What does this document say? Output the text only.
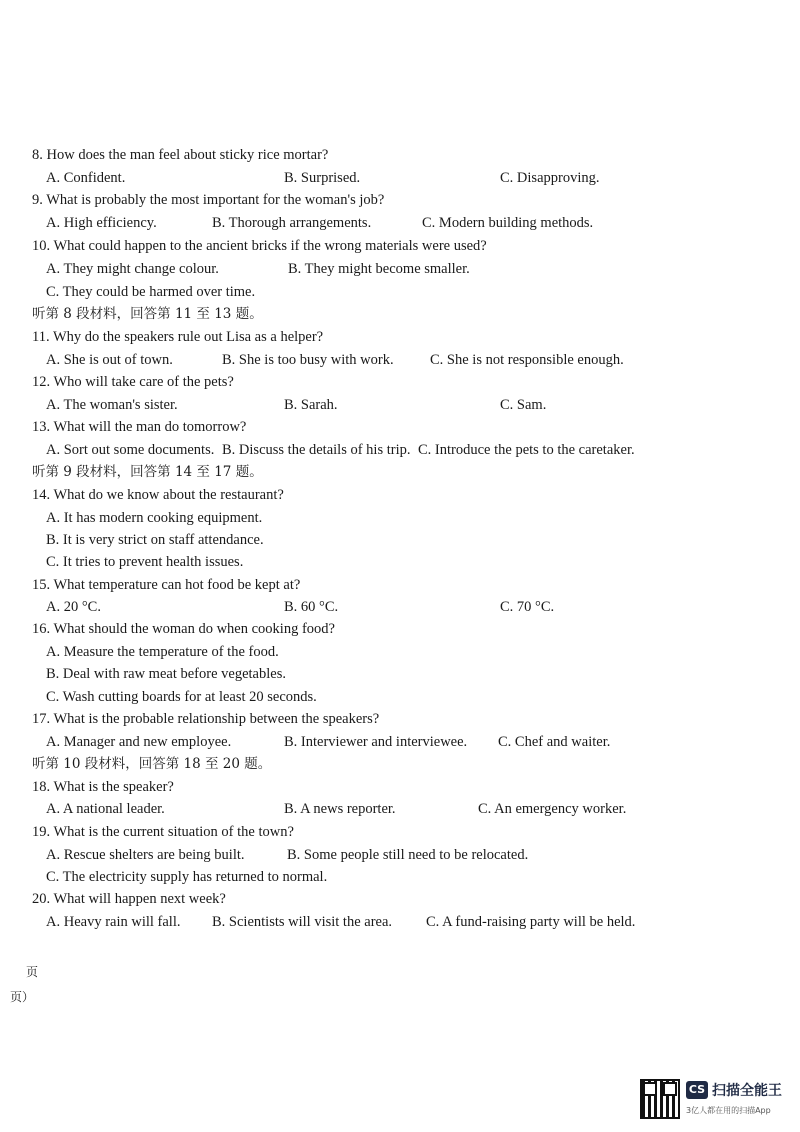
8. How does the man feel about sticky rice mortar?
A. Confident.	B. Surprised.	C. Disapproving.
9. What is probably the most important for the woman's job?
A. High efficiency.	B. Thorough arrangements.	C. Modern building methods.
10. What could happen to the ancient bricks if the wrong materials were used?
A. They might change colour.	B. They might become smaller.
C. They could be harmed over time.
听第 8 段材料，回答第 11 至 13 题。
11. Why do the speakers rule out Lisa as a helper?
A. She is out of town.	B. She is too busy with work.	C. She is not responsible enough.
12. Who will take care of the pets?
A. The woman's sister.	B. Sarah.	C. Sam.
13. What will the man do tomorrow?
A. Sort out some documents. B. Discuss the details of his trip. C. Introduce the pets to the caretaker.
听第 9 段材料，回答第 14 至 17 题。
14. What do we know about the restaurant?
A. It has modern cooking equipment.
B. It is very strict on staff attendance.
C. It tries to prevent health issues.
15. What temperature can hot food be kept at?
A. 20 °C.	B. 60 °C.	C. 70 °C.
16. What should the woman do when cooking food?
A. Measure the temperature of the food.
B. Deal with raw meat before vegetables.
C. Wash cutting boards for at least 20 seconds.
17. What is the probable relationship between the speakers?
A. Manager and new employee.	B. Interviewer and interviewee. C. Chef and waiter.
听第 10 段材料，回答第 18 至 20 题。
18. What is the speaker?
A. A national leader.	B. A news reporter.	C. An emergency worker.
19. What is the current situation of the town?
A. Rescue shelters are being built.	B. Some people still need to be relocated.
C. The electricity supply has returned to normal.
20. What will happen next week?
A. Heavy rain will fall. B. Scientists will visit the area. C. A fund-raising party will be held.
页
页）
CS 扫描全能王
3亿人都在用的扫描App
